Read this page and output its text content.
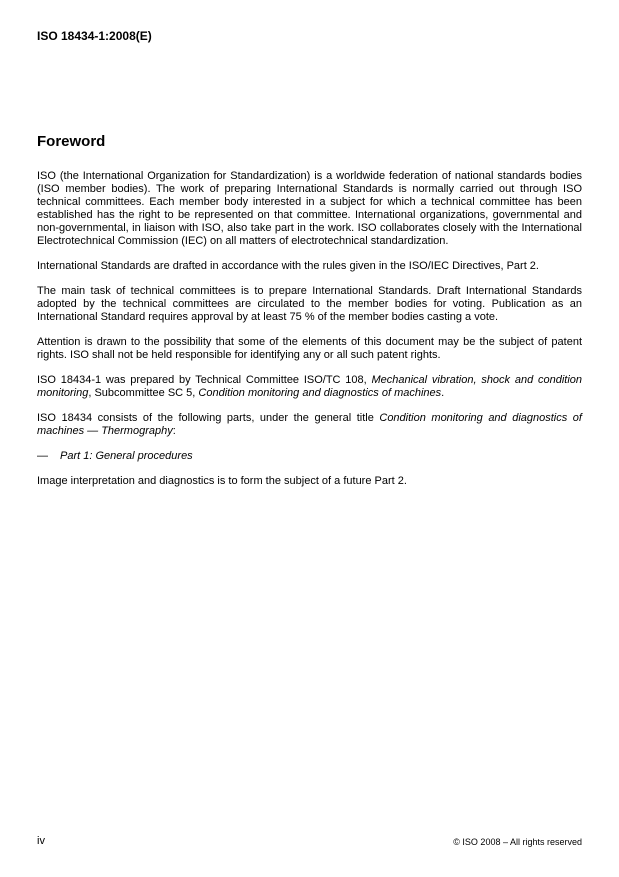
ISO 18434-1:2008(E)
Foreword

ISO (the International Organization for Standardization) is a worldwide federation of national standards bodies (ISO member bodies). The work of preparing International Standards is normally carried out through ISO technical committees. Each member body interested in a subject for which a technical committee has been established has the right to be represented on that committee. International organizations, governmental and non-governmental, in liaison with ISO, also take part in the work. ISO collaborates closely with the International Electrotechnical Commission (IEC) on all matters of electrotechnical standardization.

International Standards are drafted in accordance with the rules given in the ISO/IEC Directives, Part 2.

The main task of technical committees is to prepare International Standards. Draft International Standards adopted by the technical committees are circulated to the member bodies for voting. Publication as an International Standard requires approval by at least 75 % of the member bodies casting a vote.

Attention is drawn to the possibility that some of the elements of this document may be the subject of patent rights. ISO shall not be held responsible for identifying any or all such patent rights.

ISO 18434-1 was prepared by Technical Committee ISO/TC 108, Mechanical vibration, shock and condition monitoring, Subcommittee SC 5, Condition monitoring and diagnostics of machines.

ISO 18434 consists of the following parts, under the general title Condition monitoring and diagnostics of machines — Thermography:

—	Part 1: General procedures

Image interpretation and diagnostics is to form the subject of a future Part 2.

iv	© ISO 2008 – All rights reserved
